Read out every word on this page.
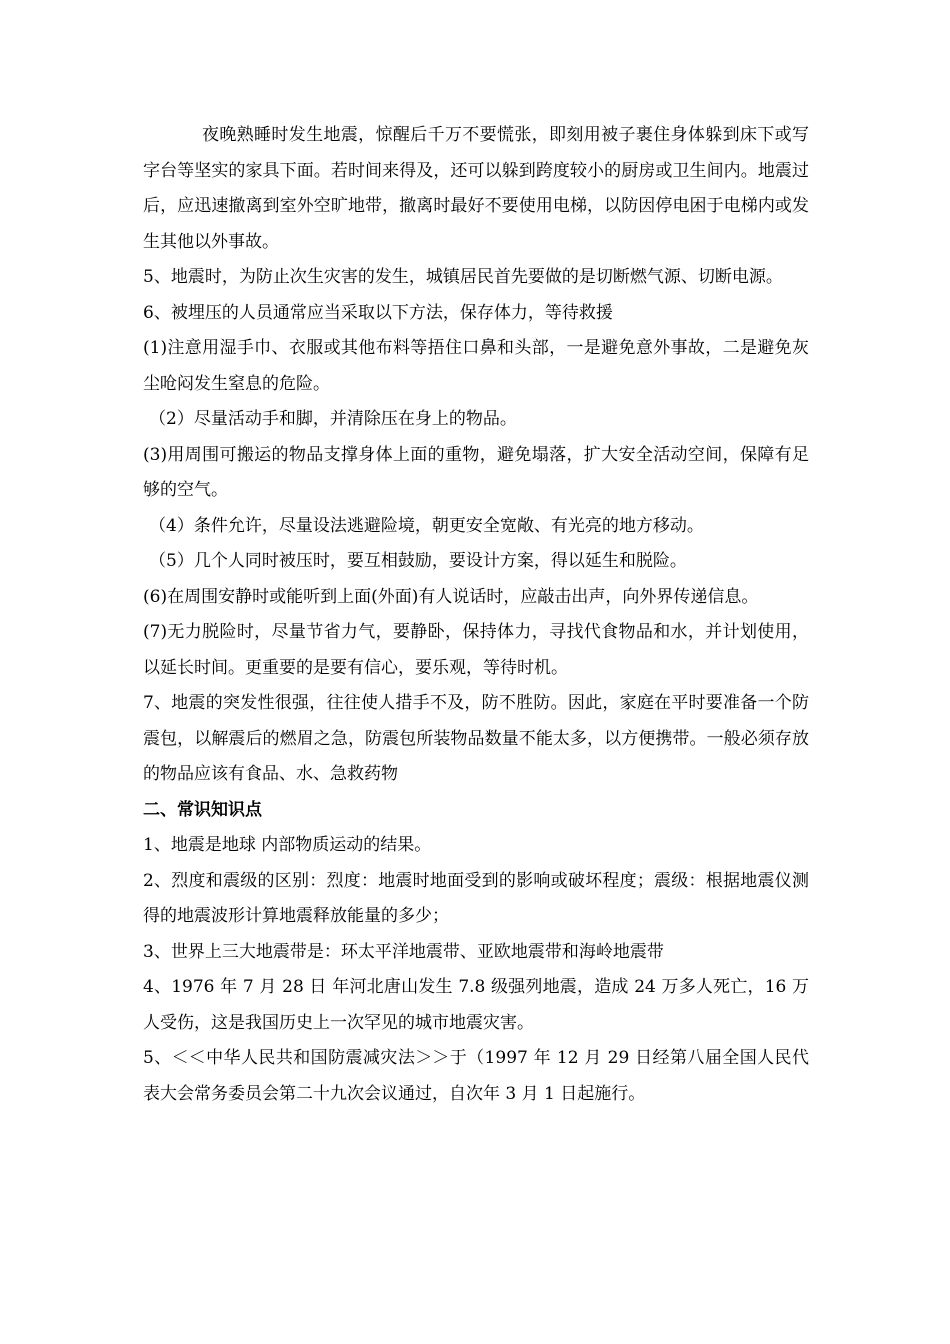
夜晚熟睡时发生地震，惊醒后千万不要慌张，即刻用被子裹住身体躲到床下或写字台等坚实的家具下面。若时间来得及，还可以躲到跨度较小的厨房或卫生间内。地震过后，应迅速撤离到室外空旷地带，撤离时最好不要使用电梯，以防因停电困于电梯内或发生其他以外事故。

5、地震时，为防止次生灾害的发生，城镇居民首先要做的是切断燃气源、切断电源。

6、被埋压的人员通常应当采取以下方法，保存体力，等待救援

(1)注意用湿手巾、衣服或其他布料等捂住口鼻和头部，一是避免意外事故，二是避免灰尘呛闷发生窒息的危险。

（2）尽量活动手和脚，并清除压在身上的物品。

(3)用周围可搬运的物品支撑身体上面的重物，避免塌落，扩大安全活动空间，保障有足够的空气。

（4）条件允许，尽量设法逃避险境，朝更安全宽敞、有光亮的地方移动。

（5）几个人同时被压时，要互相鼓励，要设计方案，得以延生和脱险。

(6)在周围安静时或能听到上面(外面)有人说话时，应敲击出声，向外界传递信息。

(7)无力脱险时，尽量节省力气，要静卧，保持体力，寻找代食物品和水，并计划使用，以延长时间。更重要的是要有信心，要乐观，等待时机。

7、地震的突发性很强，往往使人措手不及，防不胜防。因此，家庭在平时要准备一个防震包，以解震后的燃眉之急，防震包所装物品数量不能太多，以方便携带。一般必须存放的物品应该有食品、水、急救药物

二、常识知识点

1、地震是地球 内部物质运动的结果。

2、烈度和震级的区别：烈度：地震时地面受到的影响或破坏程度；震级：根据地震仪测得的地震波形计算地震释放能量的多少；

3、世界上三大地震带是：环太平洋地震带、亚欧地震带和海岭地震带

4、1976 年 7 月 28 日 年河北唐山发生 7.8 级强列地震，造成 24 万多人死亡，16 万人受伤，这是我国历史上一次罕见的城市地震灾害。

5、＜＜中华人民共和国防震减灾法＞＞于（1997 年 12 月 29 日经第八届全国人民代表大会常务委员会第二十九次会议通过，自次年 3 月 1 日起施行。
